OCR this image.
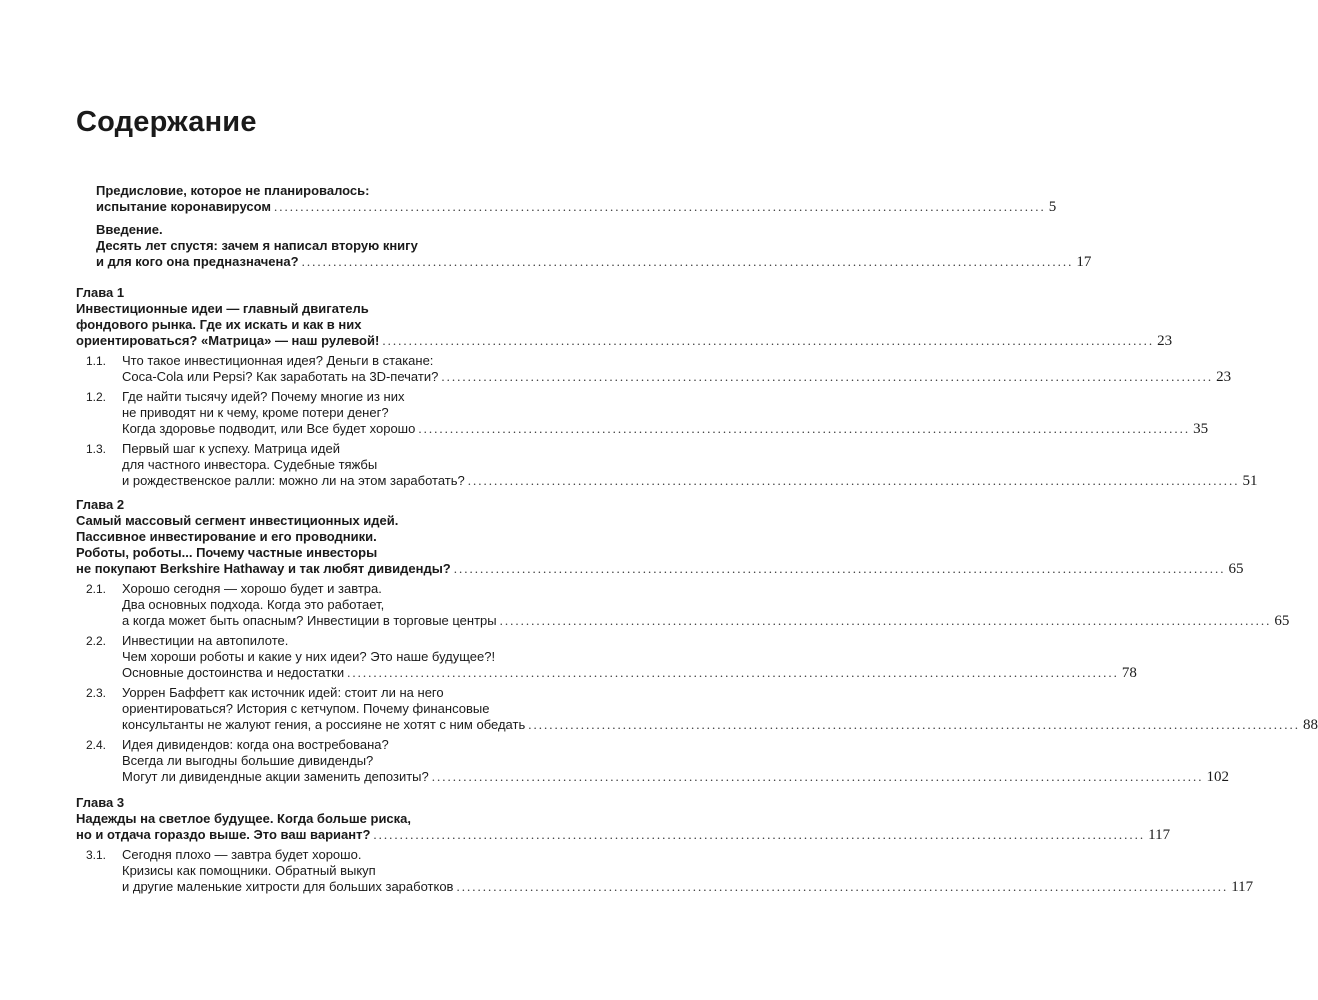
Содержание
Предисловие, которое не планировалось:
испытание коронавирусом ................................................................................................................................................... 5
Введение.
Десять лет спустя: зачем я написал вторую книгу
и для кого она предназначена? ................................................................................................................................................... 17
Глава 1
Инвестиционные идеи — главный двигатель
фондового рынка. Где их искать и как в них
ориентироваться? «Матрица» — наш рулевой! ................................................................................................................................................... 23
1.1. Что такое инвестиционная идея? Деньги в стакане:
Coca-Cola или Pepsi? Как заработать на 3D-печати? ................................................................................................................................................... 23
1.2. Где найти тысячу идей? Почему многие из них
не приводят ни к чему, кроме потери денег?
Когда здоровье подводит, или Все будет хорошо ................................................................................................................................................... 35
1.3. Первый шаг к успеху. Матрица идей
для частного инвестора. Судебные тяжбы
и рождественское ралли: можно ли на этом заработать? ................................................................................................................................................... 51
Глава 2
Самый массовый сегмент инвестиционных идей.
Пассивное инвестирование и его проводники.
Роботы, роботы... Почему частные инвесторы
не покупают Berkshire Hathaway и так любят дивиденды? ................................................................................................................................................... 65
2.1. Хорошо сегодня — хорошо будет и завтра.
Два основных подхода. Когда это работает,
а когда может быть опасным? Инвестиции в торговые центры ................................................................................................................................................... 65
2.2. Инвестиции на автопилоте.
Чем хороши роботы и какие у них идеи? Это наше будущее?!
Основные достоинства и недостатки ................................................................................................................................................... 78
2.3. Уоррен Баффетт как источник идей: стоит ли на него
ориентироваться? История с кетчупом. Почему финансовые
консультанты не жалуют гения, а россияне не хотят с ним обедать ................................................................................................................................................... 88
2.4. Идея дивидендов: когда она востребована?
Всегда ли выгодны большие дивиденды?
Могут ли дивидендные акции заменить депозиты? ................................................................................................................................................... 102
Глава 3
Надежды на светлое будущее. Когда больше риска,
но и отдача гораздо выше. Это ваш вариант? ................................................................................................................................................... 117
3.1. Сегодня плохо — завтра будет хорошо.
Кризисы как помощники. Обратный выкуп
и другие маленькие хитрости для больших заработков ................................................................................................................................................... 117
